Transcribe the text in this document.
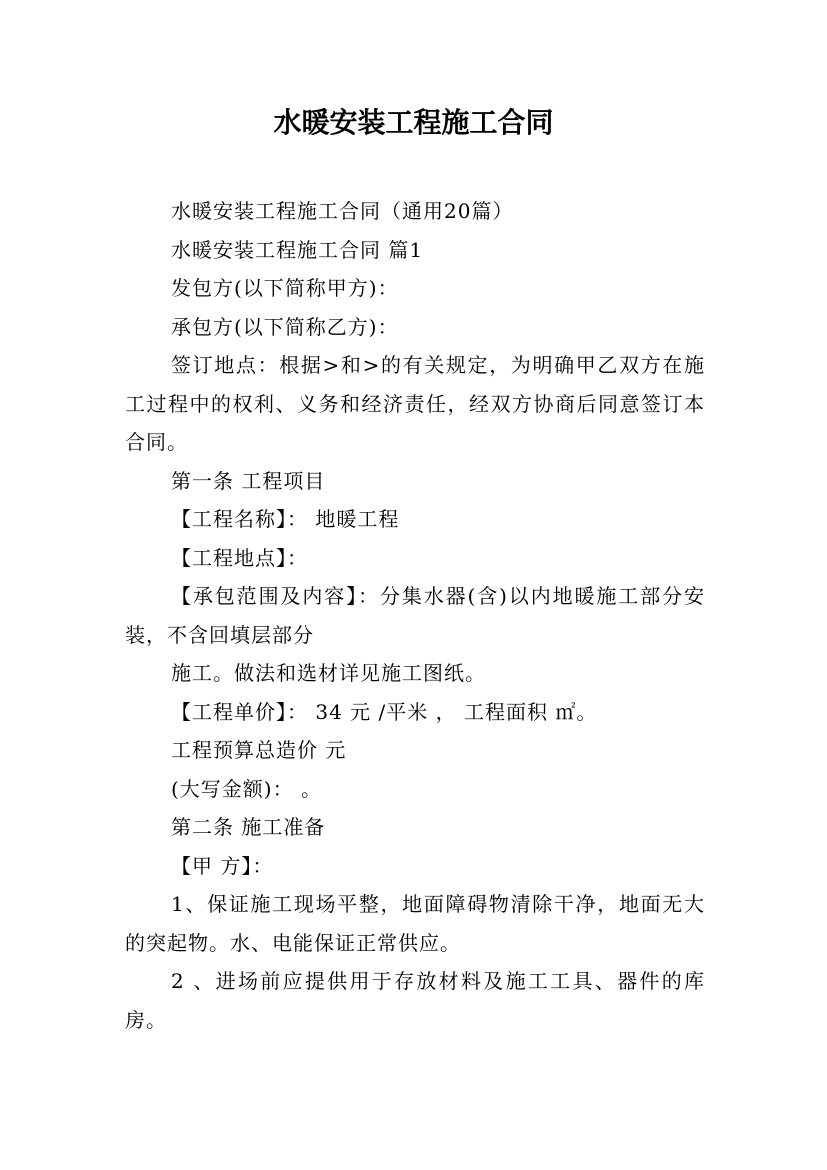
水暖安装工程施工合同

水暖安装工程施工合同（通用20篇）

水暖安装工程施工合同 篇1

发包方(以下简称甲方)：

承包方(以下简称乙方)：

签订地点：根据>和>的有关规定，为明确甲乙双方在施工过程中的权利、义务和经济责任，经双方协商后同意签订本合同。

第一条 工程项目

【工程名称】： 地暖工程

【工程地点】：

【承包范围及内容】：分集水器(含)以内地暖施工部分安装，不含回填层部分

施工。做法和选材详见施工图纸。

【工程单价】： 34 元 /平米 ， 工程面积 ㎡。

工程预算总造价 元

(大写金额)： 。

第二条 施工准备

【甲 方】：

1、保证施工现场平整，地面障碍物清除干净，地面无大的突起物。水、电能保证正常供应。

2 、进场前应提供用于存放材料及施工工具、器件的库房。
